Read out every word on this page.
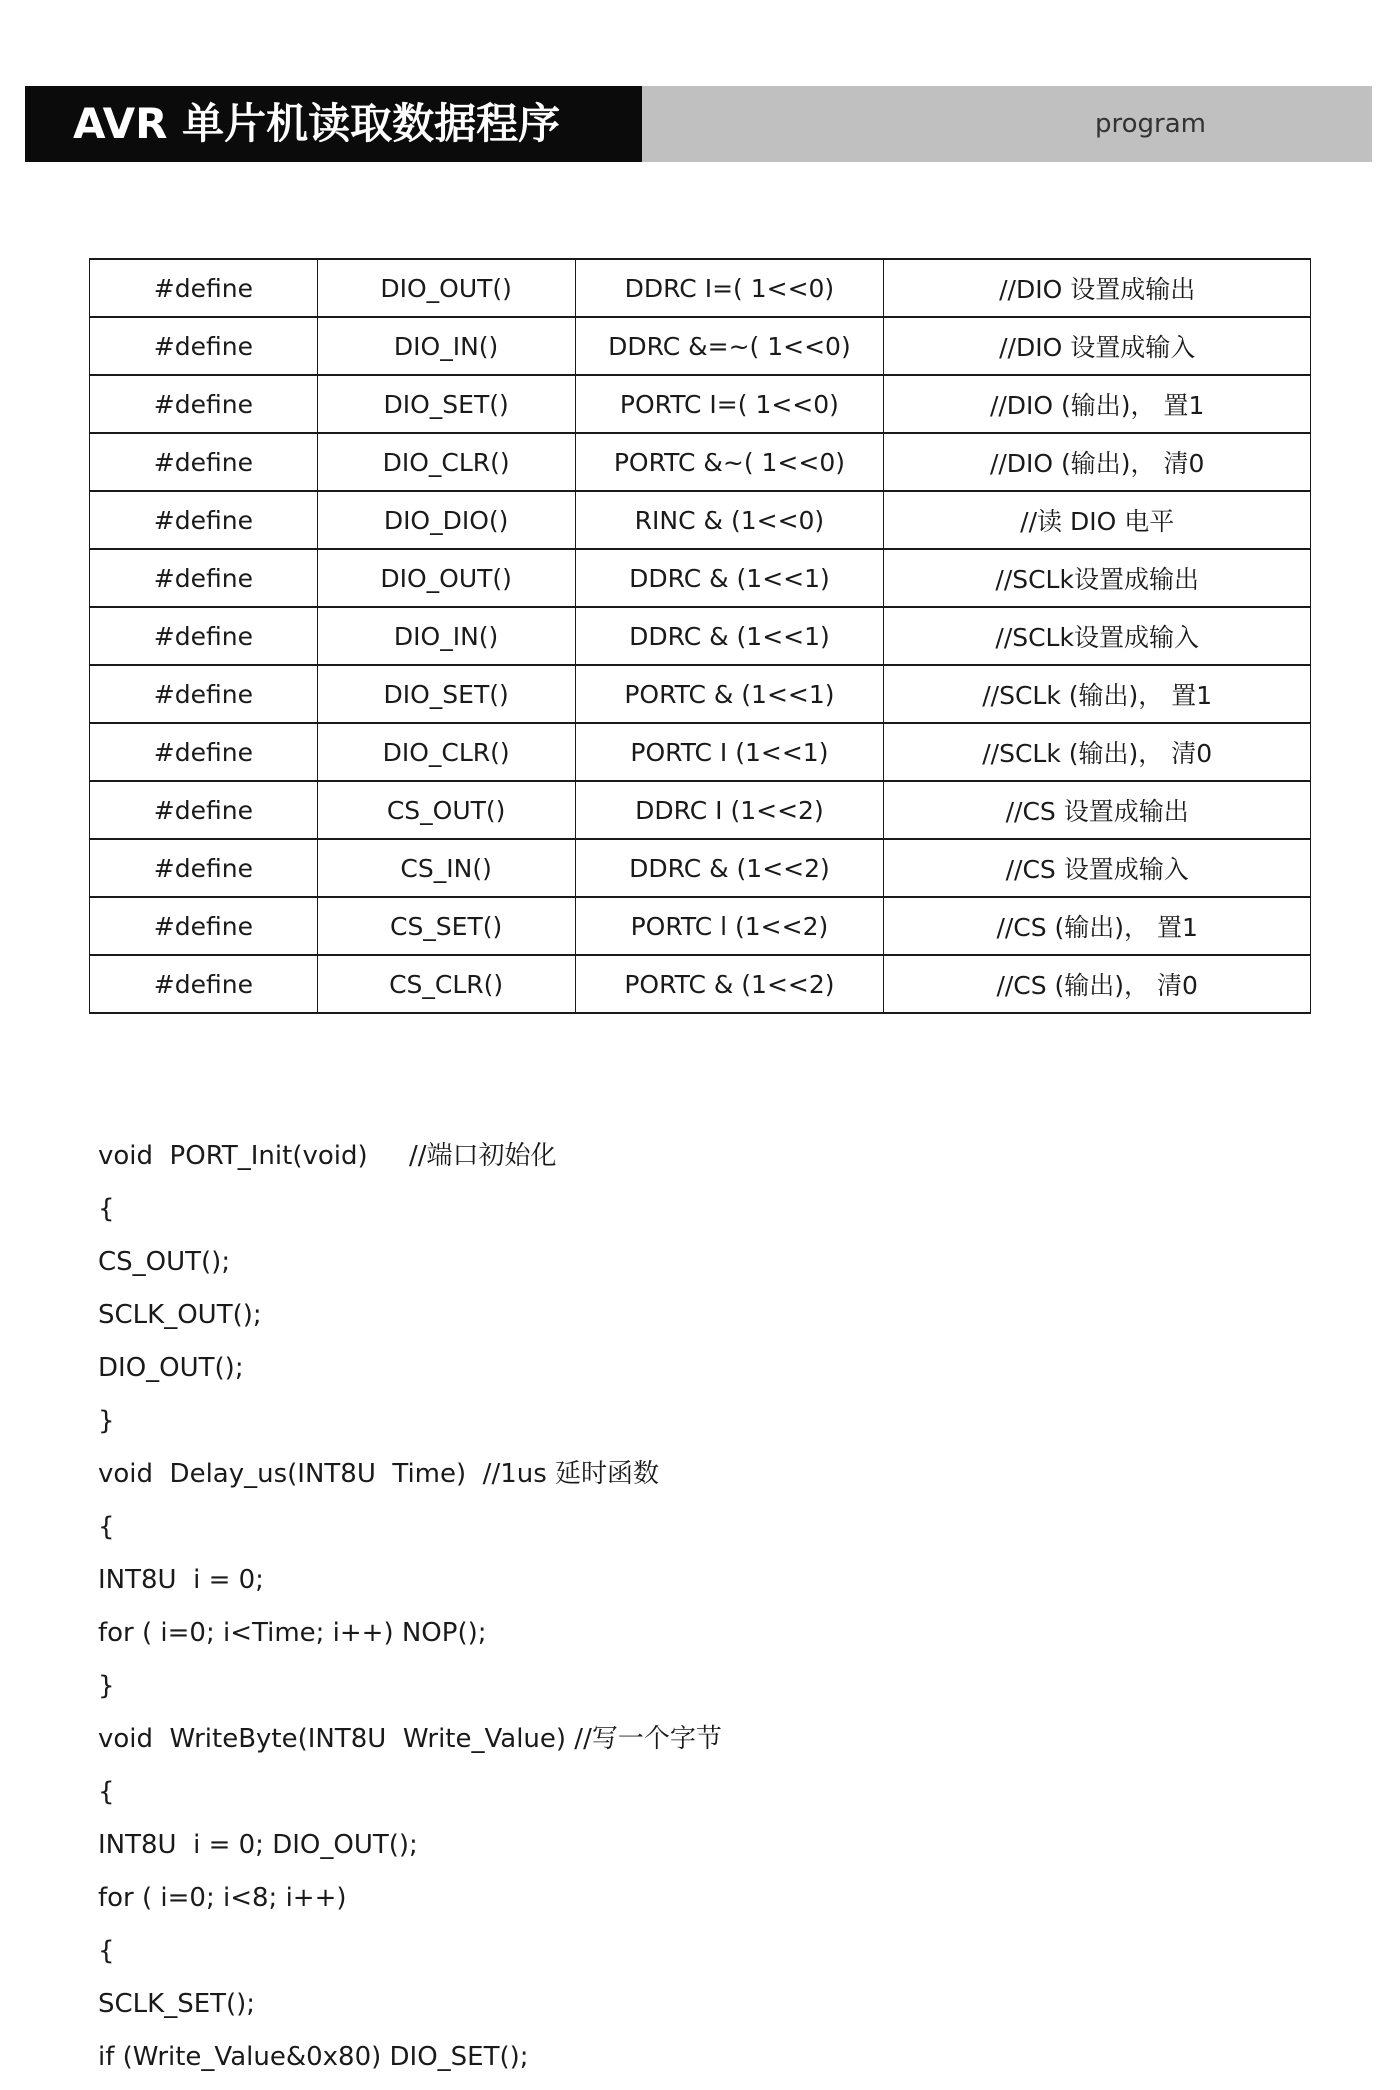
AVR 单片机读取数据程序	program
#define	DIO_OUT()	DDRC I=( 1<<0)	//DIO 设置成输出
#define	DIO_IN()	DDRC &=~( 1<<0)	//DIO 设置成输入
#define	DIO_SET()	PORTC I=( 1<<0)	//DIO (输出)， 置1
#define	DIO_CLR()	PORTC &~( 1<<0)	//DIO (输出)， 清0
#define	DIO_DIO()	RINC & (1<<0)	//读 DIO 电平
#define	DIO_OUT()	DDRC & (1<<1)	//SCLk设置成输出
#define	DIO_IN()	DDRC & (1<<1)	//SCLk设置成输入
#define	DIO_SET()	PORTC & (1<<1)	//SCLk (输出)， 置1
#define	DIO_CLR()	PORTC I (1<<1)	//SCLk (输出)， 清0
#define	CS_OUT()	DDRC I (1<<2)	//CS 设置成输出
#define	CS_IN()	DDRC & (1<<2)	//CS 设置成输入
#define	CS_SET()	PORTC l (1<<2)	//CS (输出)， 置1
#define	CS_CLR()	PORTC & (1<<2)	//CS (输出)， 清0
void  PORT_Init(void)     //端口初始化
{
CS_OUT();
SCLK_OUT();
DIO_OUT();
}
void  Delay_us(INT8U  Time)  //1us 延时函数
{
INT8U  i = 0;
for ( i=0; i<Time; i++) NOP();
}
void  WriteByte(INT8U  Write_Value) //写一个字节
{
INT8U  i = 0; DIO_OUT();
for ( i=0; i<8; i++)
{
SCLK_SET();
if (Write_Value&0x80) DIO_SET();
